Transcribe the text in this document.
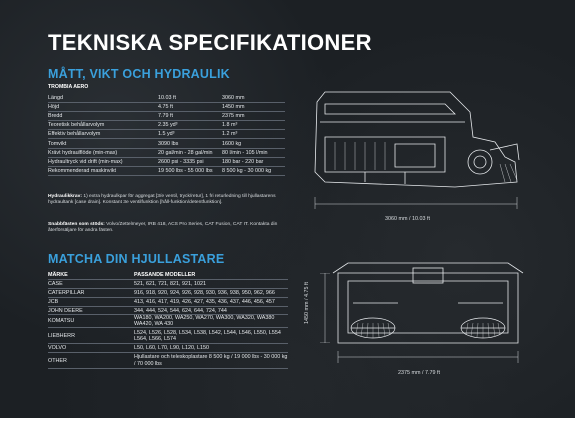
TEKNISKA SPECIFIKATIONER
MÅTT, VIKT OCH HYDRAULIK
TROMBIA AERO
Längd	10.03 ft	3060 mm
Höjd	4.75 ft	1450 mm
Bredd	7.79 ft	2375 mm
Teoretisk behållarvolym	2.35 yd³	1.8 m³
Effektiv behållarvolym	1.5 yd³	1.2 m³
Tomvikt	3090 lbs	1600 kg
Krävt hydraulflöde (min-max)	20 gal/min - 28 gal/min	80 l/min - 105 l/min
Hydraultryck vid drift (min-max)	2600 psi - 3335 psi	180 bar - 220 bar
Rekommenderad maskinvikt	19 500 lbs - 55 000 lbs	8 500 kg - 30 000 kg
Hydraulikkrav: 1) extra hydraulkpar för aggregat [3/e ventil, tryck/retur], 1 fri returledning till hjullastarens hydraultank [case drain]. Konstant 3e ventilfunktion [håll-funktion/detentfunktion].
Snabbfästen som stöds: Volvo/Zettelmeyer, IRB 418, ACS Pro Series, CAT Fusion, CAT IT. Kontakta din återförsäljare för andra fästen.
MATCHA DIN HJULLASTARE
MÄRKE	PASSANDE MODELLER
CASE	521, 621, 721, 821, 921, 1021
CATERPILLAR	916, 918, 920, 924, 926, 928, 930, 936, 938, 950, 962, 966
JCB	413, 416, 417, 419, 426, 427, 435, 436, 437, 446, 456, 457
JOHN DEERE	344, 444, 524, 544, 624, 644, 724, 744
KOMATSU	WA180, WA200, WA250, WA270, WA300, WA320, WA380 WA420, WA 430
LIEBHERR	L524, L526, L528, L534, L538, L542, L544, L546, L550, L554 L564, L566, L574
VOLVO	L50, L60, L70, L90, L120, L150
OTHER	Hjullastare och teleskoplastare 8 500 kg / 19 000 lbs - 30 000 kg / 70 000 lbs
3060 mm / 10.03 ft
2375 mm / 7.79 ft
1450 mm / 4.75 ft
